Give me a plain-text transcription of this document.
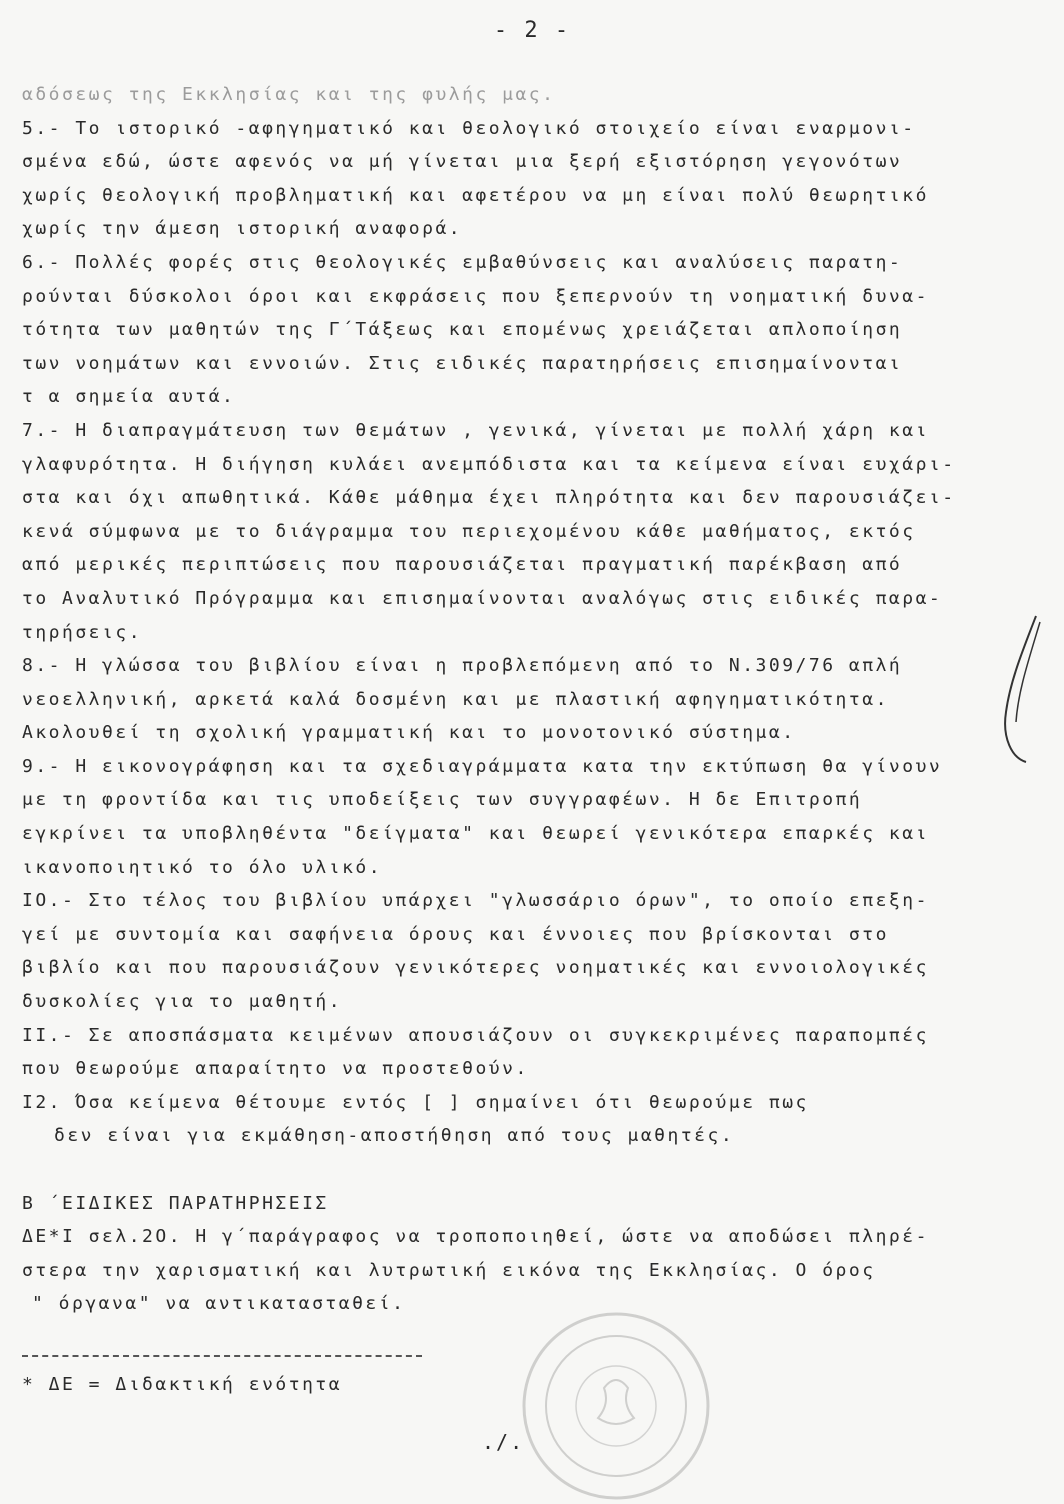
- 2 -
αδόσεως της Εκκλησίας και της φυλής μας.
5.- Το ιστορικό -αφηγηματικό και θεολογικό στοιχείο είναι εναρμονι-
σμένα εδώ, ώστε αφενός να μή γίνεται μια ξερή εξιστόρηση γεγονότων
χωρίς θεολογική προβληματική και αφετέρου να μη είναι πολύ θεωρητικό
χωρίς την άμεση ιστορική αναφορά.
6.- Πολλές φορές στις θεολογικές εμβαθύνσεις και αναλύσεις παρατη-
ρούνται δύσκολοι όροι και εκφράσεις που ξεπερνούν τη νοηματική δυνα-
τότητα των μαθητών της Γ΄Τάξεως και επομένως χρειάζεται απλοποίηση
των νοημάτων και εννοιών. Στις ειδικές παρατηρήσεις επισημαίνονται
τ α σημεία αυτά.
7.- Η διαπραγμάτευση των θεμάτων , γενικά, γίνεται με πολλή χάρη και
γλαφυρότητα. Η διήγηση κυλάει ανεμπόδιστα και τα κείμενα είναι ευχάρι-
στα και όχι απωθητικά. Κάθε μάθημα έχει πληρότητα και δεν παρουσιάζει-
κενά σύμφωνα με το διάγραμμα του περιεχομένου κάθε μαθήματος, εκτός
από μερικές περιπτώσεις που παρουσιάζεται πραγματική παρέκβαση από
το Αναλυτικό Πρόγραμμα και επισημαίνονται αναλόγως στις ειδικές παρα-
τηρήσεις.
8.- Η γλώσσα του βιβλίου είναι η προβλεπόμενη από το Ν.309/76 απλή
νεοελληνική, αρκετά καλά δοσμένη και με πλαστική αφηγηματικότητα.
Ακολουθεί τη σχολική γραμματική και το μονοτονικό σύστημα.
9.- Η εικονογράφηση και τα σχεδιαγράμματα κατα την εκτύπωση θα γίνουν
με τη φροντίδα και τις υποδείξεις των συγγραφέων. Η δε Επιτροπή
εγκρίνει τα υποβληθέντα "δείγματα" και θεωρεί γενικότερα επαρκές και
ικανοποιητικό το όλο υλικό.
ΙΟ.- Στο τέλος του βιβλίου υπάρχει "γλωσσάριο όρων", το οποίο επεξη-
γεί με συντομία και σαφήνεια όρους και έννοιες που βρίσκονται στο
βιβλίο και που παρουσιάζουν γενικότερες νοηματικές και εννοιολογικές
δυσκολίες για το μαθητή.
ΙΙ.- Σε αποσπάσματα κειμένων απουσιάζουν οι συγκεκριμένες παραπομπές
που θεωρούμε απαραίτητο να προστεθούν.
Ι2. Όσα κείμενα θέτουμε εντός [ ] σημαίνει ότι θεωρούμε πως
δεν είναι για εκμάθηση-αποστήθηση από τους μαθητές.
Β ΄ΕΙΔΙΚΕΣ ΠΑΡΑΤΗΡΗΣΕΙΣ
ΔΕ*Ι σελ.2Ο. Η γ΄παράγραφος να τροποποιηθεί, ώστε να αποδώσει πληρέ-
στερα την χαρισματική και λυτρωτική εικόνα της Εκκλησίας. Ο όρος
" όργανα" να αντικατασταθεί.
* ΔΕ = Διδακτική ενότητα
./.
